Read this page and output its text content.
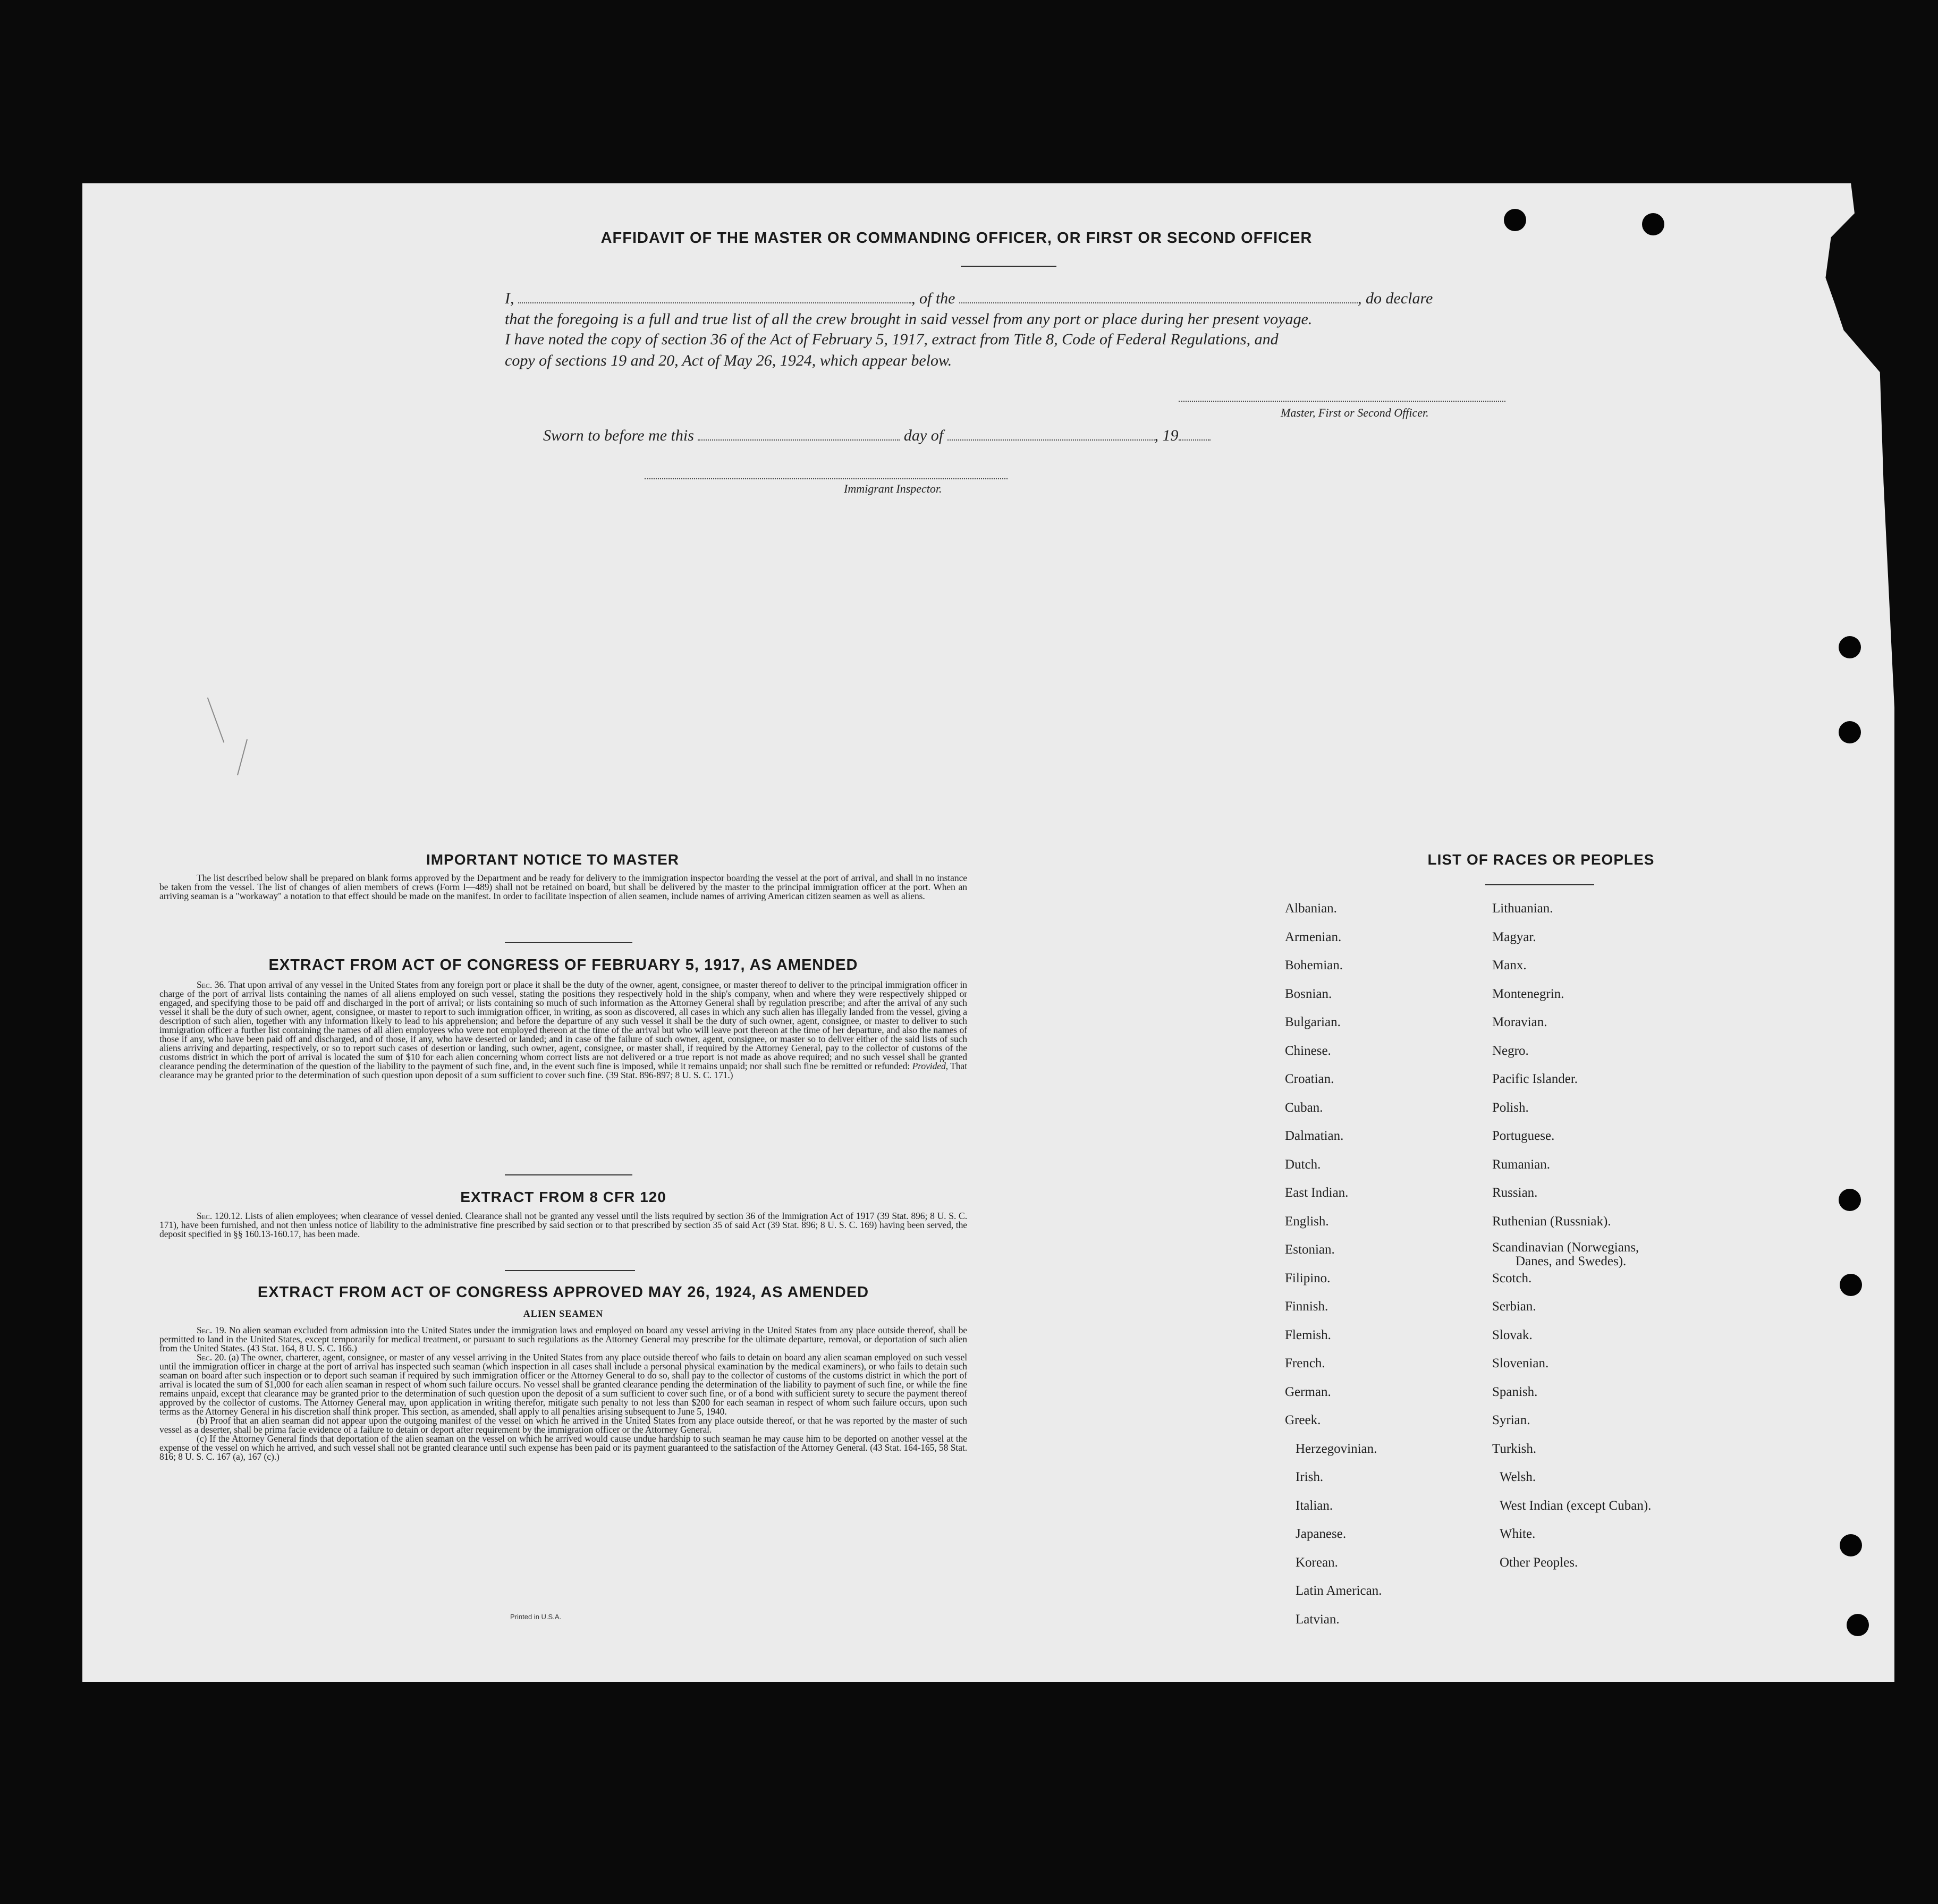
AFFIDAVIT OF THE MASTER OR COMMANDING OFFICER, OR FIRST OR SECOND OFFICER
I,	, of the	, do declare
that the foregoing is a full and true list of all the crew brought in said vessel from any port or place during her present voyage.
I have noted the copy of section 36 of the Act of February 5, 1917, extract from Title 8, Code of Federal Regulations, and
copy of sections 19 and 20, Act of May 26, 1924, which appear below.
Master, First or Second Officer.
Sworn to before me this	day of	, 19
Immigrant Inspector.
IMPORTANT NOTICE TO MASTER

The list described below shall be prepared on blank forms approved by the Department and be ready for delivery to the immigration inspector boarding the vessel at the port of arrival, and shall in no instance be taken from the vessel. The list of changes of alien members of crews (Form I—489) shall not be retained on board, but shall be delivered by the master to the principal immigration officer at the port. When an arriving seaman is a "workaway" a notation to that effect should be made on the manifest. In order to facilitate inspection of alien seamen, include names of arriving American citizen seamen as well as aliens.

EXTRACT FROM ACT OF CONGRESS OF FEBRUARY 5, 1917, AS AMENDED

Sec. 36. That upon arrival of any vessel in the United States from any foreign port or place it shall be the duty of the owner, agent, consignee, or master thereof to deliver to the principal immigration officer in charge of the port of arrival lists containing the names of all aliens employed on such vessel, stating the positions they respectively hold in the ship's company, when and where they were respectively shipped or engaged, and specifying those to be paid off and discharged in the port of arrival; or lists containing so much of such information as the Attorney General shall by regulation prescribe; and after the arrival of any such vessel it shall be the duty of such owner, agent, consignee, or master to report to such immigration officer, in writing, as soon as discovered, all cases in which any such alien has illegally landed from the vessel, giving a description of such alien, together with any information likely to lead to his apprehension; and before the departure of any such vessel it shall be the duty of such owner, agent, consignee, or master to deliver to such immigration officer a further list containing the names of all alien employees who were not employed thereon at the time of the arrival but who will leave port thereon at the time of her departure, and also the names of those if any, who have been paid off and discharged, and of those, if any, who have deserted or landed; and in case of the failure of such owner, agent, consignee, or master so to deliver either of the said lists of such aliens arriving and departing, respectively, or so to report such cases of desertion or landing, such owner, agent, consignee, or master shall, if required by the Attorney General, pay to the collector of customs of the customs district in which the port of arrival is located the sum of $10 for each alien concerning whom correct lists are not delivered or a true report is not made as above required; and no such vessel shall be granted clearance pending the determination of the question of the liability to the payment of such fine, and, in the event such fine is imposed, while it remains unpaid; nor shall such fine be remitted or refunded: Provided, That clearance may be granted prior to the determination of such question upon deposit of a sum sufficient to cover such fine. (39 Stat. 896-897; 8 U. S. C. 171.)

EXTRACT FROM 8 CFR 120

Sec. 120.12. Lists of alien employees; when clearance of vessel denied. Clearance shall not be granted any vessel until the lists required by section 36 of the Immigration Act of 1917 (39 Stat. 896; 8 U. S. C. 171), have been furnished, and not then unless notice of liability to the administrative fine prescribed by said section or to that prescribed by section 35 of said Act (39 Stat. 896; 8 U. S. C. 169) having been served, the deposit specified in §§ 160.13-160.17, has been made.

EXTRACT FROM ACT OF CONGRESS APPROVED MAY 26, 1924, AS AMENDED
ALIEN SEAMEN

Sec. 19. No alien seaman excluded from admission into the United States under the immigration laws and employed on board any vessel arriving in the United States from any place outside thereof, shall be permitted to land in the United States, except temporarily for medical treatment, or pursuant to such regulations as the Attorney General may prescribe for the ultimate departure, removal, or deportation of such alien from the United States. (43 Stat. 164, 8 U. S. C. 166.)

Sec. 20. (a) The owner, charterer, agent, consignee, or master of any vessel arriving in the United States from any place outside thereof who fails to detain on board any alien seaman employed on such vessel until the immigration officer in charge at the port of arrival has inspected such seaman (which inspection in all cases shall include a personal physical examination by the medical examiners), or who fails to detain such seaman on board after such inspection or to deport such seaman if required by such immigration officer or the Attorney General to do so, shall pay to the collector of customs of the customs district in which the port of arrival is located the sum of $1,000 for each alien seaman in respect of whom such failure occurs. No vessel shall be granted clearance pending the determination of the liability to payment of such fine, or while the fine remains unpaid, except that clearance may be granted prior to the determination of such question upon the deposit of a sum sufficient to cover such fine, or of a bond with sufficient surety to secure the payment thereof approved by the collector of customs. The Attorney General may, upon application in writing therefor, mitigate such penalty to not less than $200 for each seaman in respect of whom such failure occurs, upon such terms as the Attorney General in his discretion shall think proper. This section, as amended, shall apply to all penalties arising subsequent to June 5, 1940.

(b) Proof that an alien seaman did not appear upon the outgoing manifest of the vessel on which he arrived in the United States from any place outside thereof, or that he was reported by the master of such vessel as a deserter, shall be prima facie evidence of a failure to detain or deport after requirement by the immigration officer or the Attorney General.

(c) If the Attorney General finds that deportation of the alien seaman on the vessel on which he arrived would cause undue hardship to such seaman he may cause him to be deported on another vessel at the expense of the vessel on which he arrived, and such vessel shall not be granted clearance until such expense has been paid or its payment guaranteed to the satisfaction of the Attorney General. (43 Stat. 164-165, 58 Stat. 816; 8 U. S. C. 167 (a), 167 (c).)

Printed in U.S.A.
LIST OF RACES OR PEOPLES
Albanian.
Armenian.
Bohemian.
Bosnian.
Bulgarian.
Chinese.
Croatian.
Cuban.
Dalmatian.
Dutch.
East Indian.
English.
Estonian.
Filipino.
Finnish.
Flemish.
French.
German.
Greek.
Herzegovinian.
Irish.
Italian.
Japanese.
Korean.
Latin American.
Latvian.
Lithuanian.
Magyar.
Manx.
Montenegrin.
Moravian.
Negro.
Pacific Islander.
Polish.
Portuguese.
Rumanian.
Russian.
Ruthenian (Russniak).
Scandinavian (Norwegians,
Danes, and Swedes).
Scotch.
Serbian.
Slovak.
Slovenian.
Spanish.
Syrian.
Turkish.
Welsh.
West Indian (except Cuban).
White.
Other Peoples.
